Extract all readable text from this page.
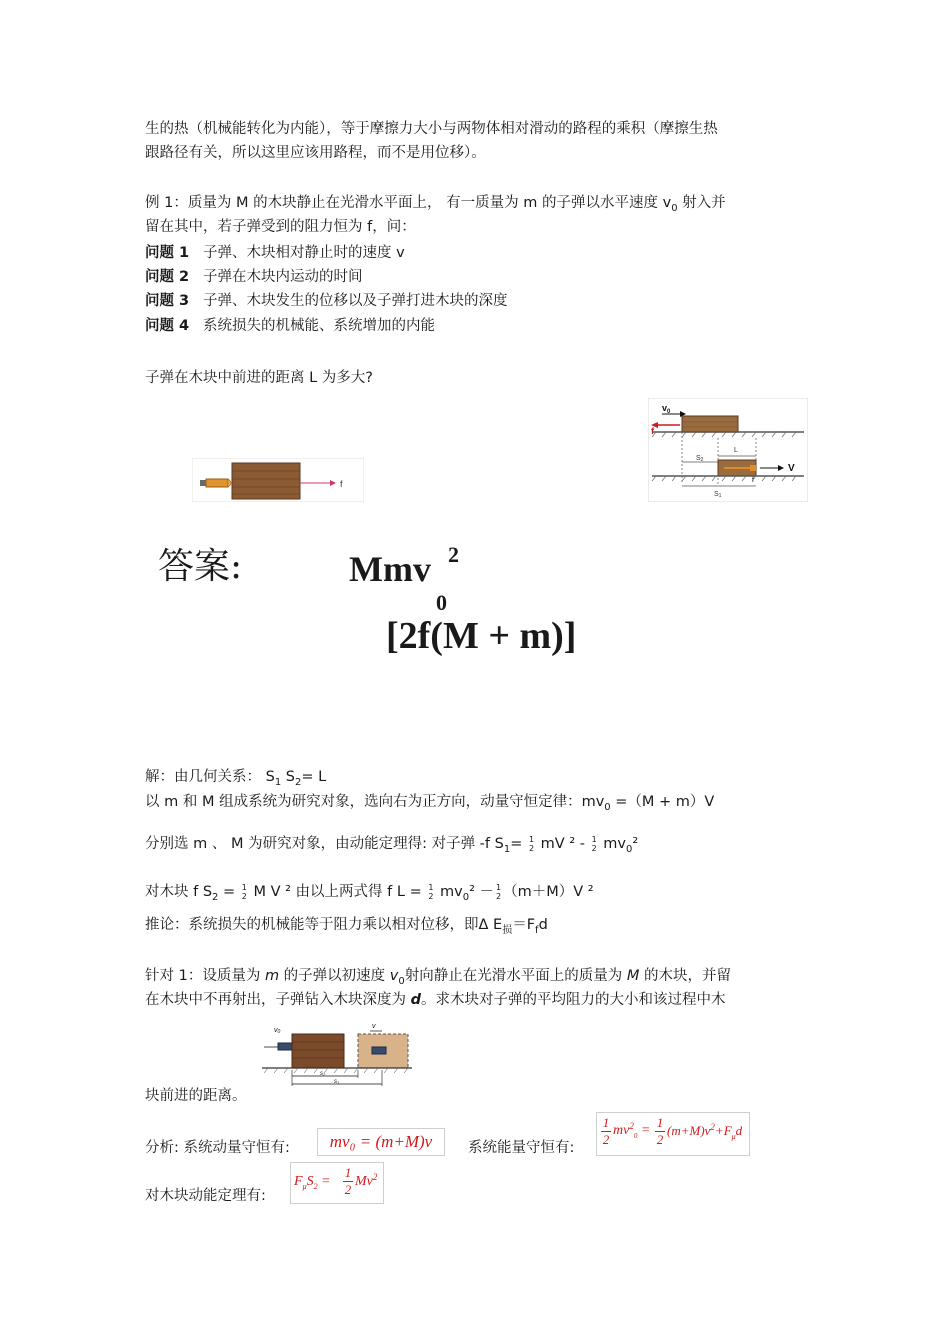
生的热（机械能转化为内能），等于摩擦力大小与两物体相对滑动的路程的乘积（摩擦生热
跟路径有关，所以这里应该用路程，而不是用位移）。
例 1：质量为 M 的木块静止在光滑水平面上， 有一质量为 m 的子弹以水平速度 $v_0$ 射入并
留在其中，若子弹受到的阻力恒为 f，问：
问题 1 子弹、木块相对静止时的速度 v
问题 2 子弹在木块内运动的时间
问题 3 子弹、木块发生的位移以及子弹打进木块的深度
问题 4 系统损失的机械能、系统增加的内能
子弹在木块中前进的距离 L 为多大?
$v_0$
f
L
f
V
S2
S1
f
答案:	Mmv 2
0
[2f(M + m)]
解：由几何关系： $S_1$ $S_2= L$
以 m 和 M 组成系统为研究对象，选向右为正方向，动量守恒定律：$mv_0 =(M + m)V$
分别选 m 、 M 为研究对象，由动能定理得: 对子弹 -f $S_1= 1$
2 mV ² - 1
2 $mv_0^2$
对木块 f $S_2 = 1$
2 M V ² 由以上两式得 f L = 1
2 $mv_0^2 - 1$
2 （m＋M）V ²
推论：系统损失的机械能等于阻力乘以相对位移，即Δ $E_损=F_fd$
针对 1：设质量为 m 的子弹以初速度 $v_0$射向静止在光滑水平面上的质量为 M 的木块，并留
在木块中不再射出，子弹钻入木块深度为 d。求木块对子弹的平均阻力的大小和该过程中木
v0
v
s2
s1
块前进的距离。
分析: 系统动量守恒有:	mv₀ = (m+M)v	系统能量守恒有:
1
2
$mv^2_0$ =
1
2
$(m+M)v^2+F_\mu d$
对木块动能定理有:
$F_\mu S_2$ =
1
2
Mv$^2$
